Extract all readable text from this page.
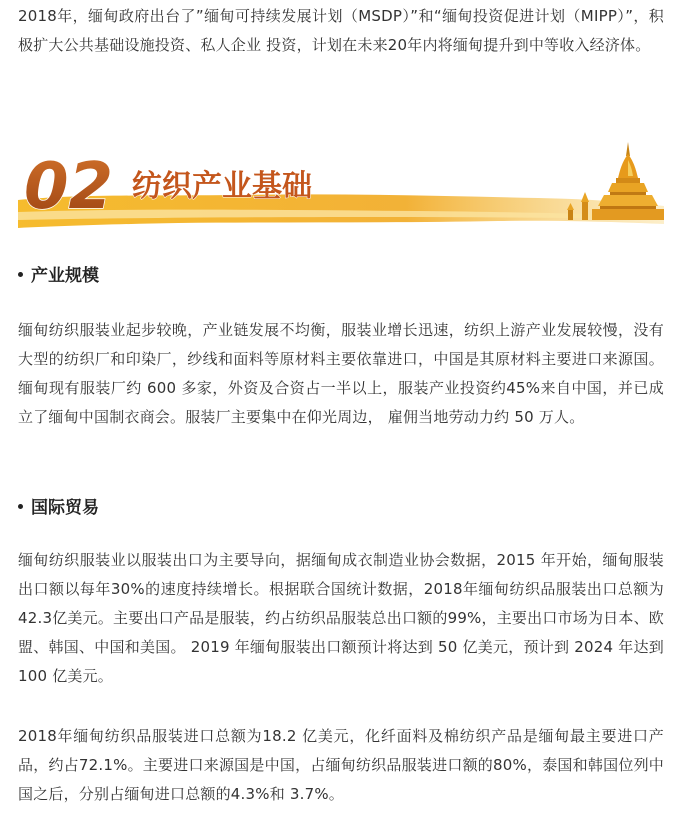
2018年，缅甸政府出台了”缅甸可持续发展计划（MSDP）”和“缅甸投资促进计划（MIPP）”，积极扩大公共基础设施投资、私人企业 投资，计划在未来20年内将缅甸提升到中等收入经济体。

02 纺织产业基础
产业规模

缅甸纺织服装业起步较晚，产业链发展不均衡，服装业增长迅速，纺织上游产业发展较慢，没有大型的纺织厂和印染厂，纱线和面料等原材料主要依靠进口，中国是其原材料主要进口来源国。缅甸现有服装厂约 600 多家，外资及合资占一半以上，服装产业投资约45%来自中国，并已成立了缅甸中国制衣商会。服装厂主要集中在仰光周边， 雇佣当地劳动力约 50 万人。

国际贸易

缅甸纺织服装业以服装出口为主要导向，据缅甸成衣制造业协会数据，2015 年开始，缅甸服装出口额以每年30%的速度持续增长。根据联合国统计数据，2018年缅甸纺织品服装出口总额为42.3亿美元。主要出口产品是服装，约占纺织品服装总出口额的99%，主要出口市场为日本、欧盟、韩国、中国和美国。 2019 年缅甸服装出口额预计将达到 50 亿美元，预计到 2024 年达到 100 亿美元。

2018年缅甸纺织品服装进口总额为18.2 亿美元，化纤面料及棉纺织产品是缅甸最主要进口产品，约占72.1%。主要进口来源国是中国，占缅甸纺织品服装进口额的80%，泰国和韩国位列中国之后，分别占缅甸进口总额的4.3%和 3.7%。
